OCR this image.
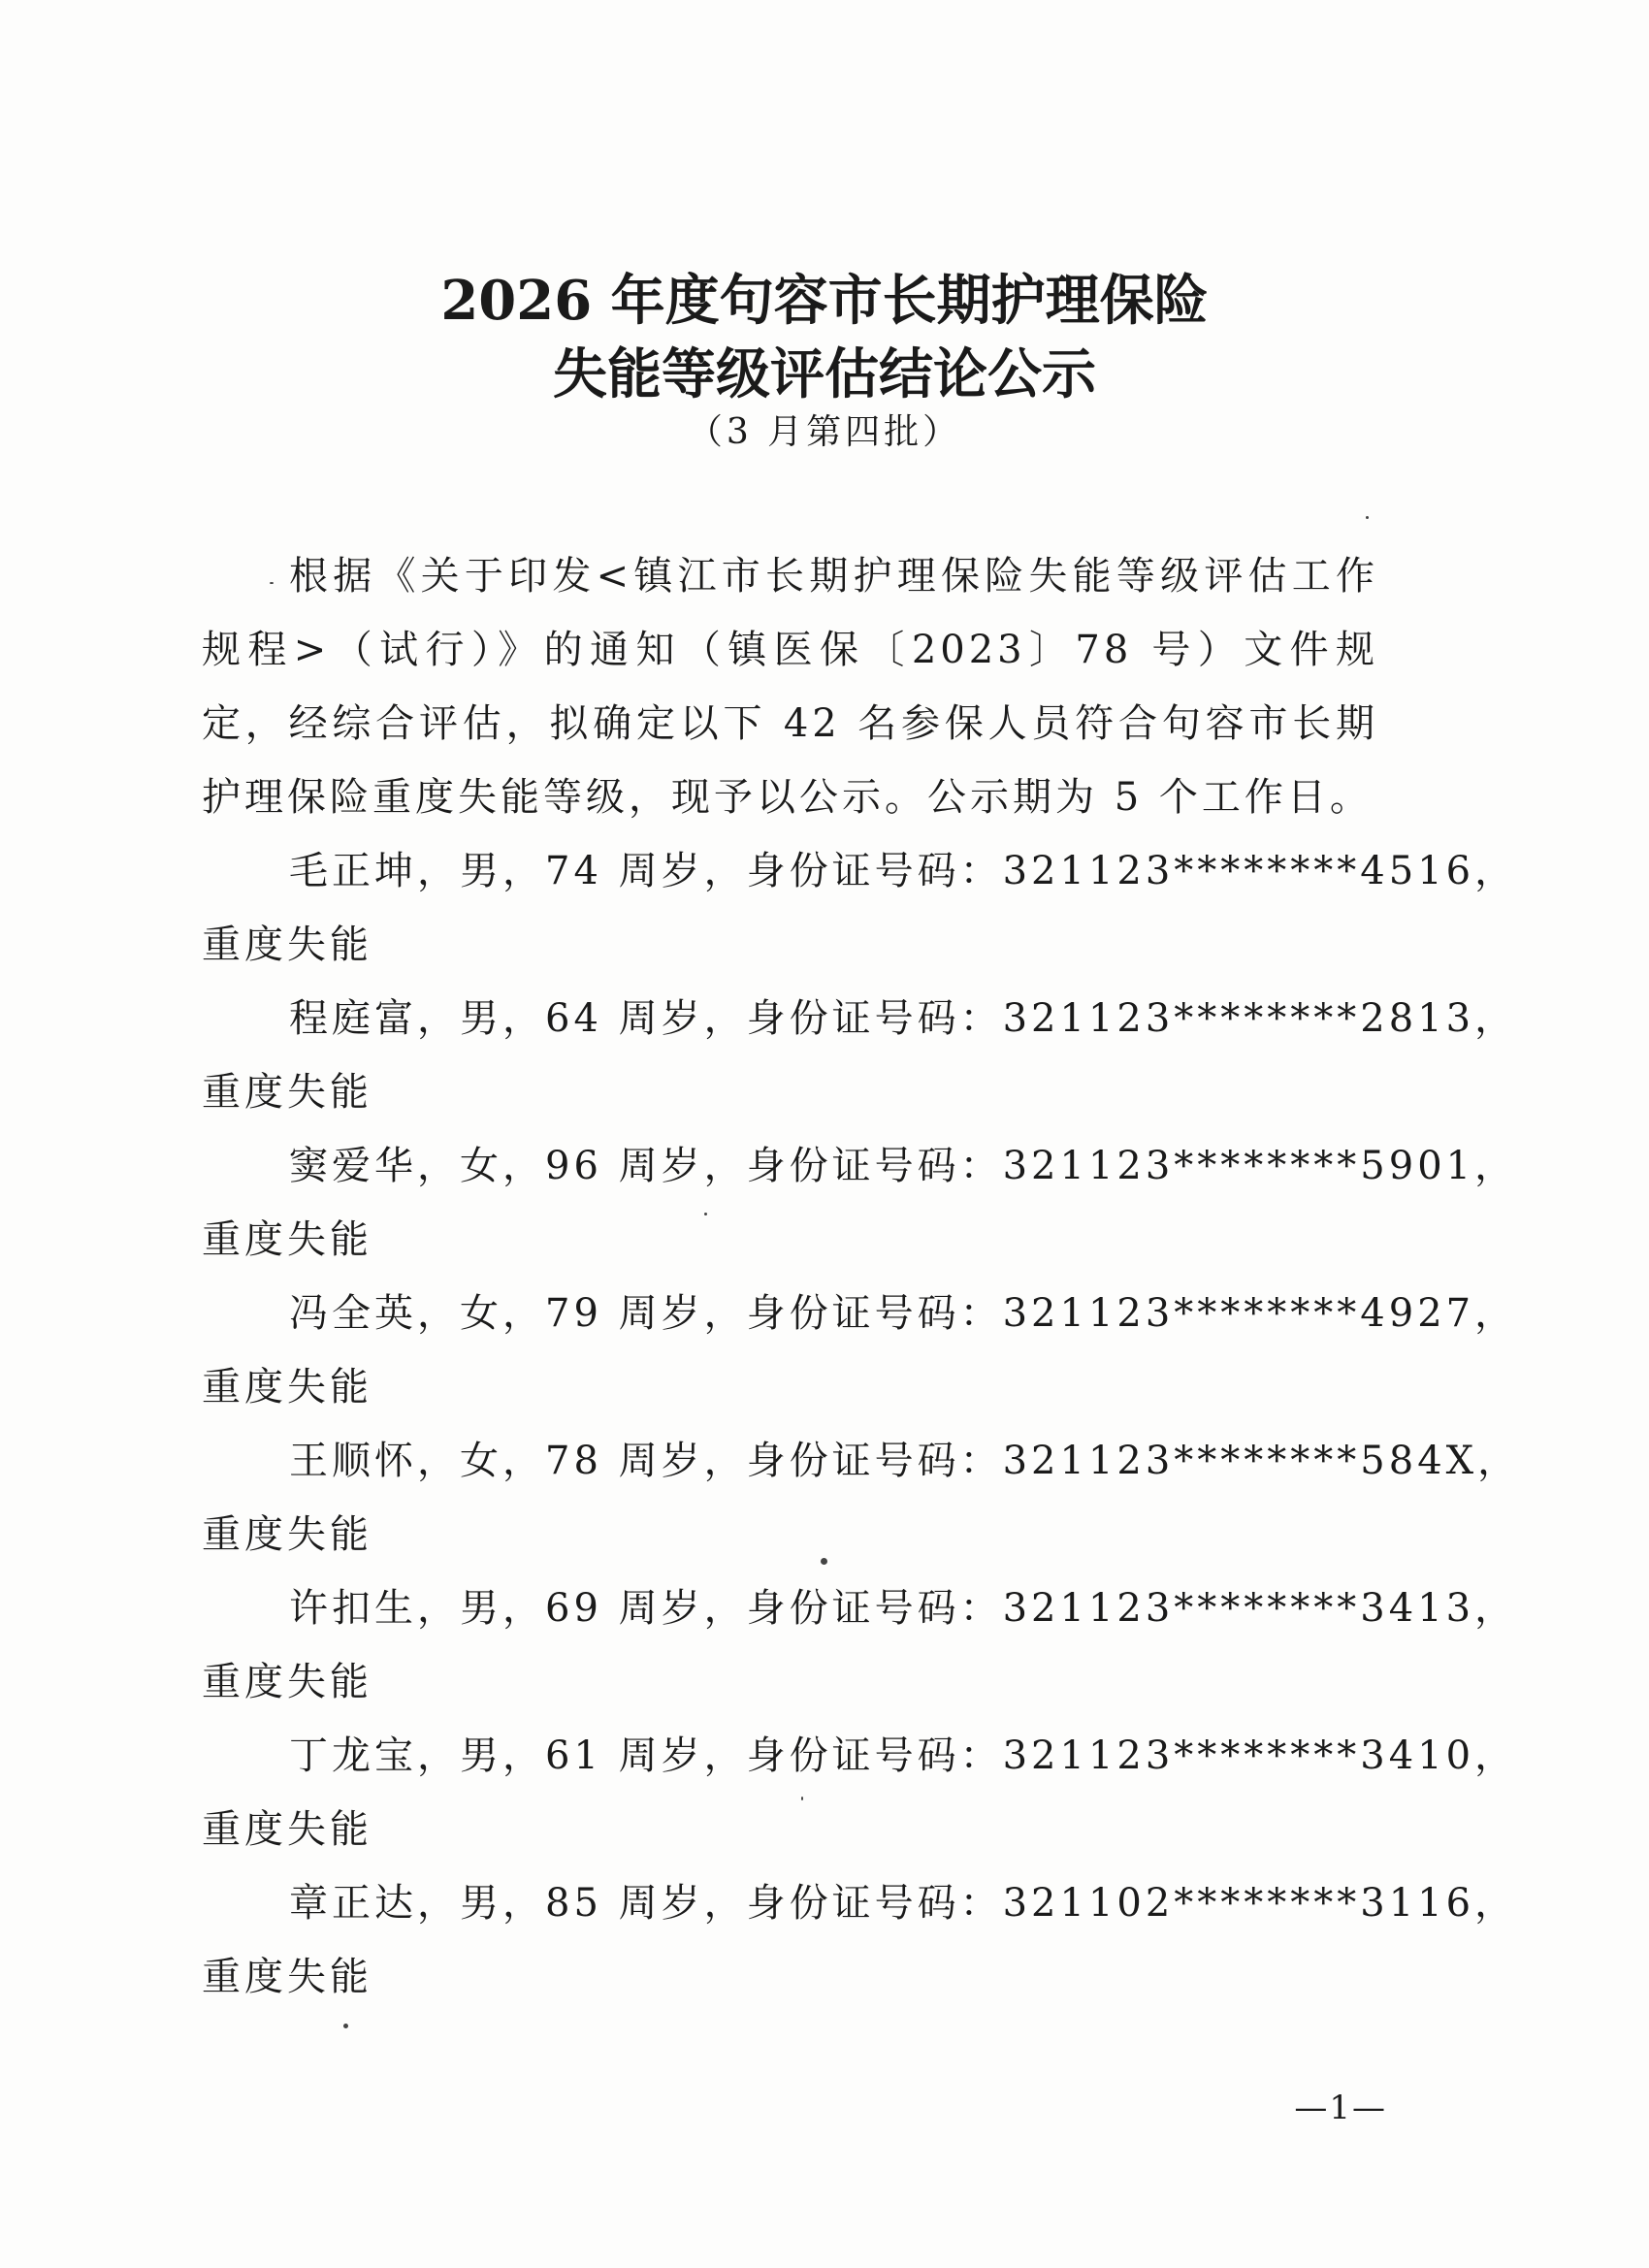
2026 年度句容市长期护理保险
失能等级评估结论公示
（3 月第四批）

根据《关于印发<镇江市长期护理保险失能等级评估工作规程>（试行）》的通知（镇医保〔2023〕78 号）文件规定，经综合评估，拟确定以下 42 名参保人员符合句容市长期护理保险重度失能等级，现予以公示。公示期为 5 个工作日。

毛正坤，男，74 周岁，身份证号码：321123********4516，
重度失能
程庭富，男，64 周岁，身份证号码：321123********2813，
重度失能
窦爱华，女，96 周岁，身份证号码：321123********5901，
重度失能
冯全英，女，79 周岁，身份证号码：321123********4927，
重度失能
王顺怀，女，78 周岁，身份证号码：321123********584X，
重度失能
许扣生，男，69 周岁，身份证号码：321123********3413，
重度失能
丁龙宝，男，61 周岁，身份证号码：321123********3410，
重度失能
章正达，男，85 周岁，身份证号码：321102********3116，
重度失能
—1—
